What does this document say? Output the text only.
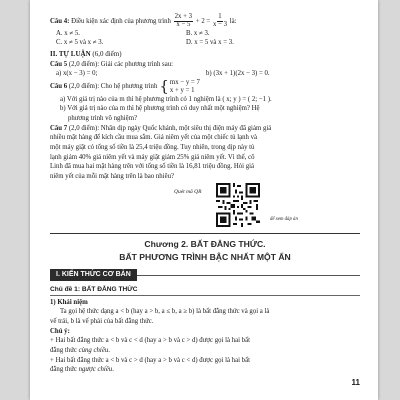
Câu 4: Điều kiện xác định của phương trình $\frac{2x + 3}{x - 5} + 2 = \frac{1}{x - 3}$ là:
A. x ≠ 5.	B. x ≠ 3.
C. x ≠ 5 và x ≠ 3.	D. x = 5 và x = 3.
II. TỰ LUẬN (6,0 điểm)
Câu 5 (2,0 điểm): Giải các phương trình sau:
a) x(x − 3) = 0;	b) (3x + 1)(2x − 3) = 0.
Câu 6
(2,0 điểm):
Cho hệ phương trình { mx − y = 7
x + y = 1
a) Với giá trị nào của m thì hệ phương trình có 1 nghiệm là ( x; y ) = ( 2; −1 ).
b) Với giá trị nào của m thì hệ phương trình có duy nhất một nghiệm? Hệ
phương trình vô nghiệm?
Câu 7 (2,0 điểm): Nhân dịp ngày Quốc khánh, một siêu thị điện máy đã giảm giá
nhiều mặt hàng để kích cầu mua sắm. Giá niêm yết của một chiếc tủ lạnh và
một máy giặt có tổng số tiền là 25,4 triệu đồng. Tuy nhiên, trong dịp này tủ
lạnh giảm 40% giá niêm yết và máy giặt giảm 25% giá niêm yết. Vì thế, cô
Linh đã mua hai mặt hàng trên với tổng số tiền là 16,81 triệu đồng. Hỏi giá
niêm yết của mỗi mặt hàng trên là bao nhiêu?
Quét mã QR
để xem đáp án
Chương 2. BẤT ĐẲNG THỨC.
BẤT PHƯƠNG TRÌNH BẬC NHẤT MỘT ẨN
I. KIẾN THỨC CƠ BẢN
Chủ đề 1: BẤT ĐẲNG THỨC
1) Khái niệm
Ta gọi hệ thức dạng a < b (hay a > b, a ≤ b, a ≥ b) là bất đẳng thức và gọi a là
vế trái, b là vế phải của bất đẳng thức.
Chú ý:
+ Hai bất đẳng thức a < b và c < d (hay a > b và c > d) được gọi là hai bất
đẳng thức cùng chiều.
+ Hai bất đẳng thức a < b và c > d (hay a > b và c < d) được gọi là hai bất
đẳng thức ngược chiều.
11
